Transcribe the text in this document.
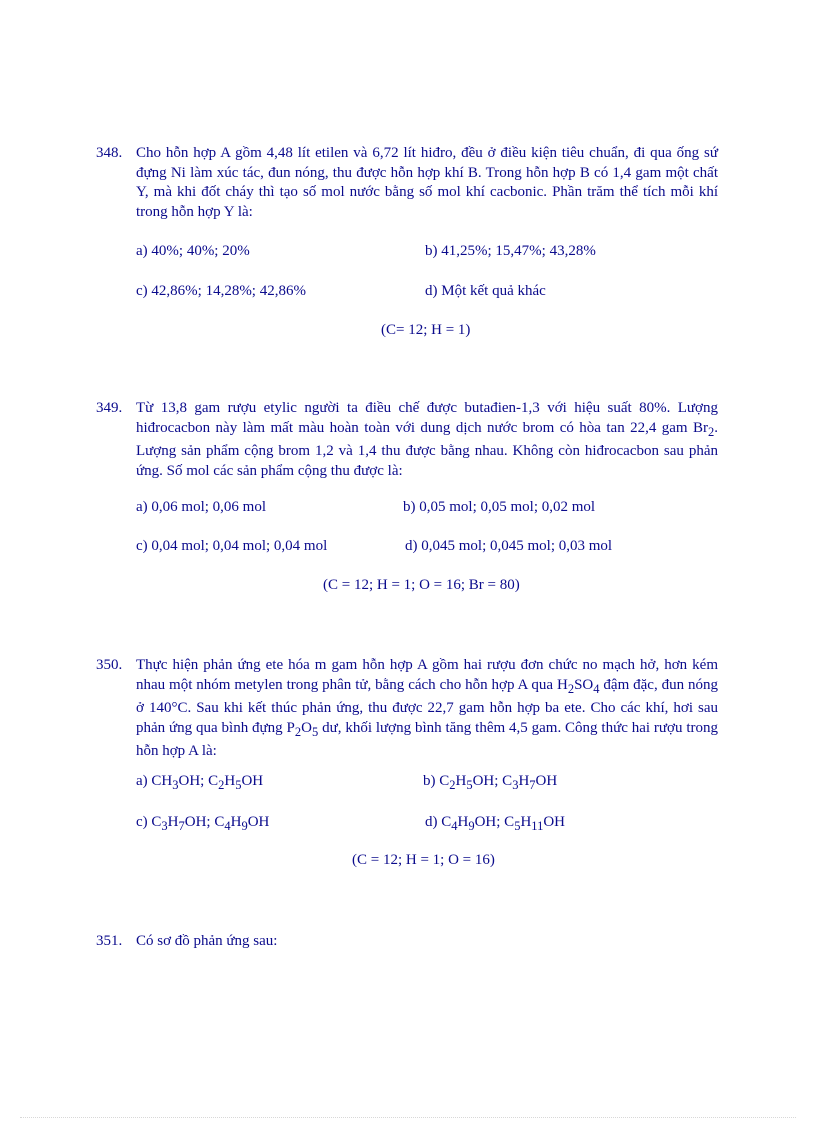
348. Cho hỗn hợp A gồm 4,48 lít etilen và 6,72 lít hiđro, đều ở điều kiện tiêu chuẩn, đi qua ống sứ đựng Ni làm xúc tác, đun nóng, thu được hỗn hợp khí B. Trong hỗn hợp B có 1,4 gam một chất Y, mà khi đốt cháy thì tạo số mol nước bằng số mol khí cacbonic. Phần trăm thể tích mỗi khí trong hỗn hợp Y là:
a) 40%; 40%; 20%	b) 41,25%; 15,47%; 43,28%
c) 42,86%; 14,28%; 42,86%	d) Một kết quả khác
(C= 12; H = 1)
349. Từ 13,8 gam rượu etylic người ta điều chế được butađien-1,3 với hiệu suất 80%. Lượng hiđrocacbon này làm mất màu hoàn toàn với dung dịch nước brom có hòa tan 22,4 gam $Br_2$. Lượng sản phẩm cộng brom 1,2 và 1,4 thu được bằng nhau. Không còn hiđrocacbon sau phản ứng. Số mol các sản phẩm cộng thu được là:
a) 0,06 mol; 0,06 mol	b) 0,05 mol; 0,05 mol; 0,02 mol
c) 0,04 mol; 0,04 mol; 0,04 mol	d) 0,045 mol; 0,045 mol; 0,03 mol
(C = 12; H = 1; O = 16; Br = 80)
350. Thực hiện phản ứng ete hóa m gam hỗn hợp A gồm hai rượu đơn chức no mạch hở, hơn kém nhau một nhóm metylen trong phân tử, bằng cách cho hỗn hợp A qua $H_2SO_4$ đậm đặc, đun nóng ở 140°C. Sau khi kết thúc phản ứng, thu được 22,7 gam hỗn hợp ba ete. Cho các khí, hơi sau phản ứng qua bình đựng $P_2O_5$ dư, khối lượng bình tăng thêm 4,5 gam. Công thức hai rượu trong hỗn hợp A là:
a) $CH_3OH$; $C_2H_5OH$	b) $C_2H_5OH$; $C_3H_7OH$
c) $C_3H_7OH$; $C_4H_9OH$	d) $C_4H_9OH$; $C_5H_{11}OH$
(C = 12; H = 1; O = 16)
351. Có sơ đồ phản ứng sau:
